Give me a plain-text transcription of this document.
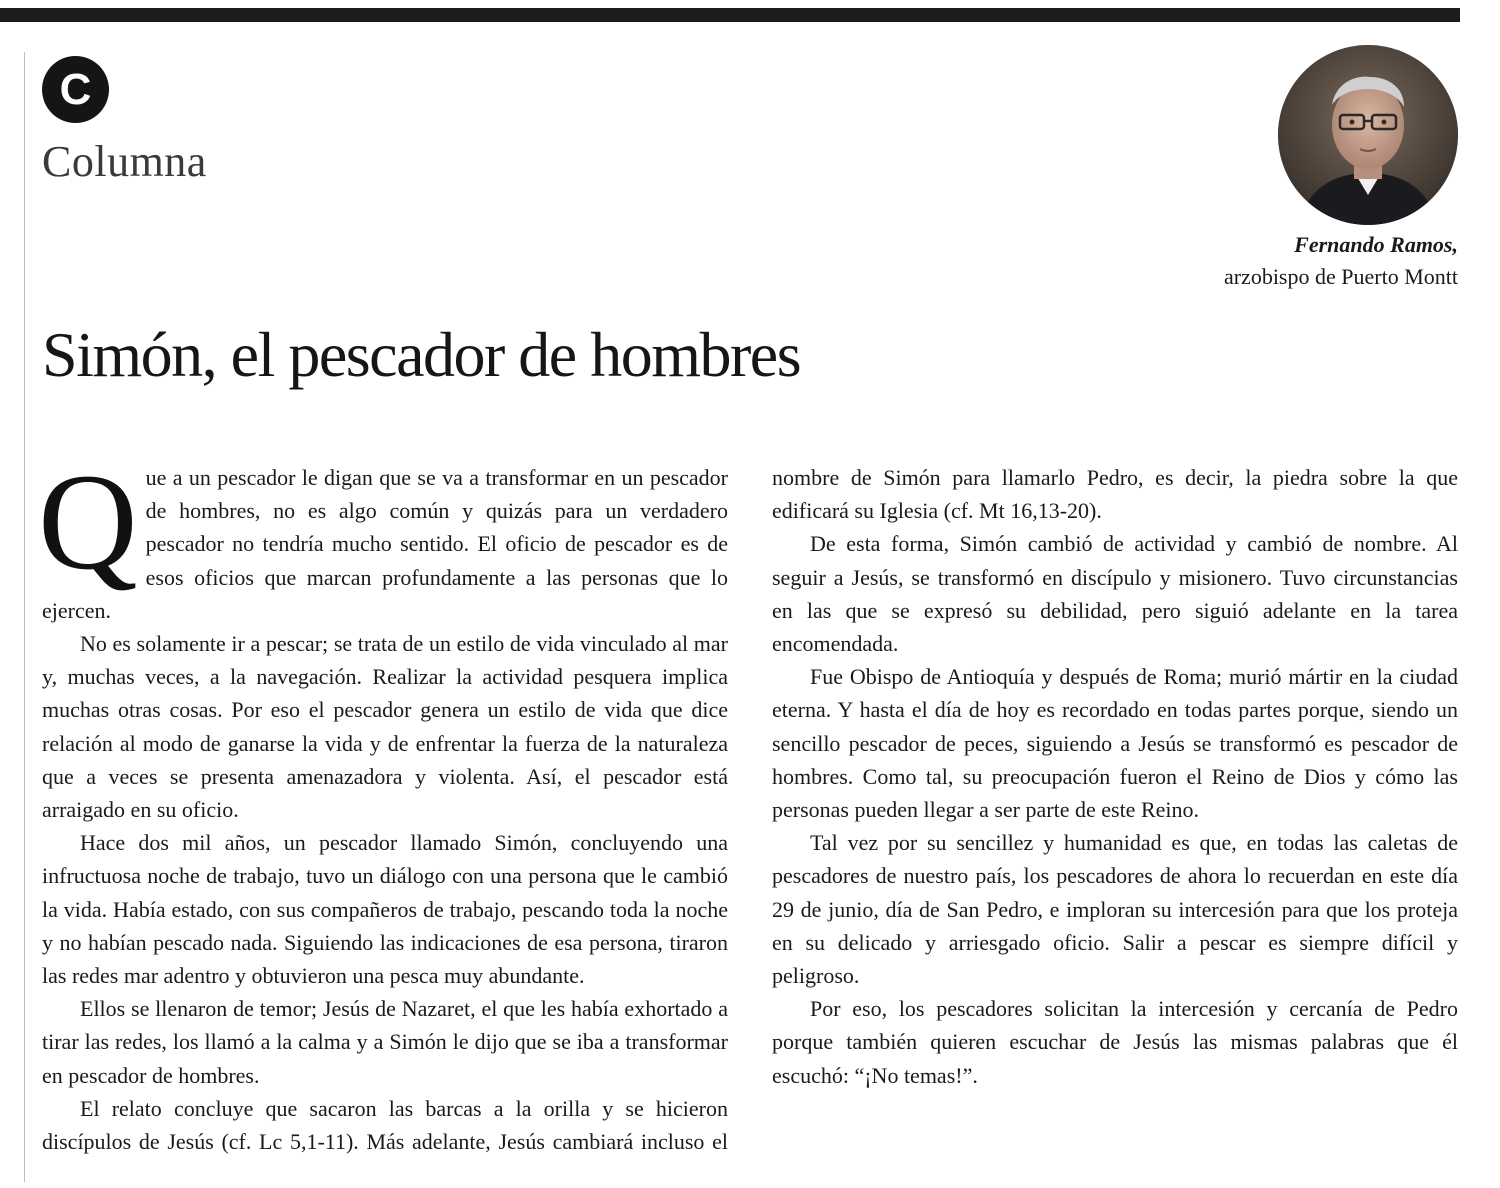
C
Columna
Fernando Ramos,
arzobispo de Puerto Montt
Simón, el pescador de hombres

Que a un pescador le digan que se va a transformar en un pescador de hombres, no es algo común y quizás para un verdadero pescador no tendría mucho sentido. El oficio de pescador es de esos oficios que marcan profundamente a las personas que lo ejercen.

No es solamente ir a pescar; se trata de un estilo de vida vinculado al mar y, muchas veces, a la navegación. Realizar la actividad pesquera implica muchas otras cosas. Por eso el pescador genera un estilo de vida que dice relación al modo de ganarse la vida y de enfrentar la fuerza de la naturaleza que a veces se presenta amenazadora y violenta. Así, el pescador está arraigado en su oficio.

Hace dos mil años, un pescador llamado Simón, concluyendo una infructuosa noche de trabajo, tuvo un diálogo con una persona que le cambió la vida. Había estado, con sus compañeros de trabajo, pescando toda la noche y no habían pescado nada. Siguiendo las indicaciones de esa persona, tiraron las redes mar adentro y obtuvieron una pesca muy abundante.

Ellos se llenaron de temor; Jesús de Nazaret, el que les había exhortado a tirar las redes, los llamó a la calma y a Simón le dijo que se iba a transformar en pescador de hombres.

El relato concluye que sacaron las barcas a la orilla y se hicieron discípulos de Jesús (cf. Lc 5,1-11). Más adelante, Jesús cambiará incluso el nombre de Simón para llamarlo Pedro, es decir, la piedra sobre la que edificará su Iglesia (cf. Mt 16,13-20).

De esta forma, Simón cambió de actividad y cambió de nombre. Al seguir a Jesús, se transformó en discípulo y misionero. Tuvo circunstancias en las que se expresó su debilidad, pero siguió adelante en la tarea encomendada.

Fue Obispo de Antioquía y después de Roma; murió mártir en la ciudad eterna. Y hasta el día de hoy es recordado en todas partes porque, siendo un sencillo pescador de peces, siguiendo a Jesús se transformó es pescador de hombres. Como tal, su preocupación fueron el Reino de Dios y cómo las personas pueden llegar a ser parte de este Reino.

Tal vez por su sencillez y humanidad es que, en todas las caletas de pescadores de nuestro país, los pescadores de ahora lo recuerdan en este día 29 de junio, día de San Pedro, e imploran su intercesión para que los proteja en su delicado y arriesgado oficio. Salir a pescar es siempre difícil y peligroso.

Por eso, los pescadores solicitan la intercesión y cercanía de Pedro porque también quieren escuchar de Jesús las mismas palabras que él escuchó: “¡No temas!”.
